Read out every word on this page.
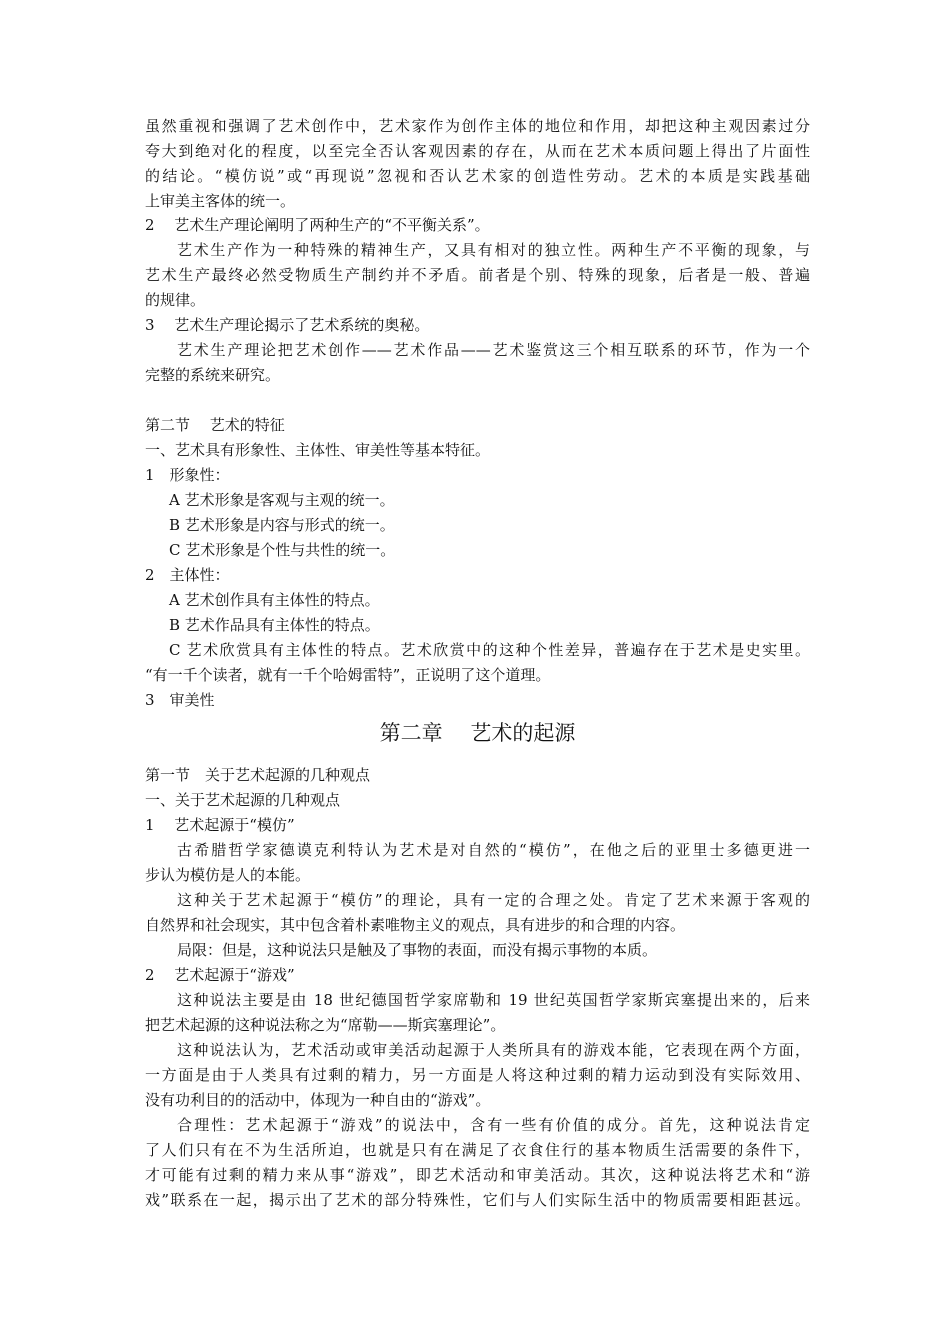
虽然重视和强调了艺术创作中，艺术家作为创作主体的地位和作用，却把这种主观因素过分
夸大到绝对化的程度，以至完全否认客观因素的存在，从而在艺术本质问题上得出了片面性
的结论。“模仿说”或“再现说”忽视和否认艺术家的创造性劳动。艺术的本质是实践基础
上审美主客体的统一。
2　 艺术生产理论阐明了两种生产的“不平衡关系”。
艺术生产作为一种特殊的精神生产，又具有相对的独立性。两种生产不平衡的现象，与
艺术生产最终必然受物质生产制约并不矛盾。前者是个别、特殊的现象，后者是一般、普遍
的规律。
3　 艺术生产理论揭示了艺术系统的奥秘。
艺术生产理论把艺术创作——艺术作品——艺术鉴赏这三个相互联系的环节，作为一个
完整的系统来研究。
第二节　 艺术的特征
一、艺术具有形象性、主体性、审美性等基本特征。
1　形象性：
A 艺术形象是客观与主观的统一。
B 艺术形象是内容与形式的统一。
C 艺术形象是个性与共性的统一。
2　主体性：
A 艺术创作具有主体性的特点。
B 艺术作品具有主体性的特点。
C 艺术欣赏具有主体性的特点。艺术欣赏中的这种个性差异，普遍存在于艺术是史实里。
“有一千个读者，就有一千个哈姆雷特”，正说明了这个道理。
3　审美性
第二章　 艺术的起源
第一节　关于艺术起源的几种观点
一、关于艺术起源的几种观点
1　 艺术起源于“模仿”
古希腊哲学家德谟克利特认为艺术是对自然的“模仿”，在他之后的亚里士多德更进一
步认为模仿是人的本能。
这种关于艺术起源于“模仿”的理论，具有一定的合理之处。肯定了艺术来源于客观的
自然界和社会现实，其中包含着朴素唯物主义的观点，具有进步的和合理的内容。
局限：但是，这种说法只是触及了事物的表面，而没有揭示事物的本质。
2　 艺术起源于“游戏”
这种说法主要是由 18 世纪德国哲学家席勒和 19 世纪英国哲学家斯宾塞提出来的，后来
把艺术起源的这种说法称之为“席勒——斯宾塞理论”。
这种说法认为，艺术活动或审美活动起源于人类所具有的游戏本能，它表现在两个方面，
一方面是由于人类具有过剩的精力，另一方面是人将这种过剩的精力运动到没有实际效用、
没有功利目的的活动中，体现为一种自由的“游戏”。
合理性：艺术起源于“游戏”的说法中，含有一些有价值的成分。首先，这种说法肯定
了人们只有在不为生活所迫，也就是只有在满足了衣食住行的基本物质生活需要的条件下，
才可能有过剩的精力来从事“游戏”，即艺术活动和审美活动。其次，这种说法将艺术和“游
戏”联系在一起，揭示出了艺术的部分特殊性，它们与人们实际生活中的物质需要相距甚远。
